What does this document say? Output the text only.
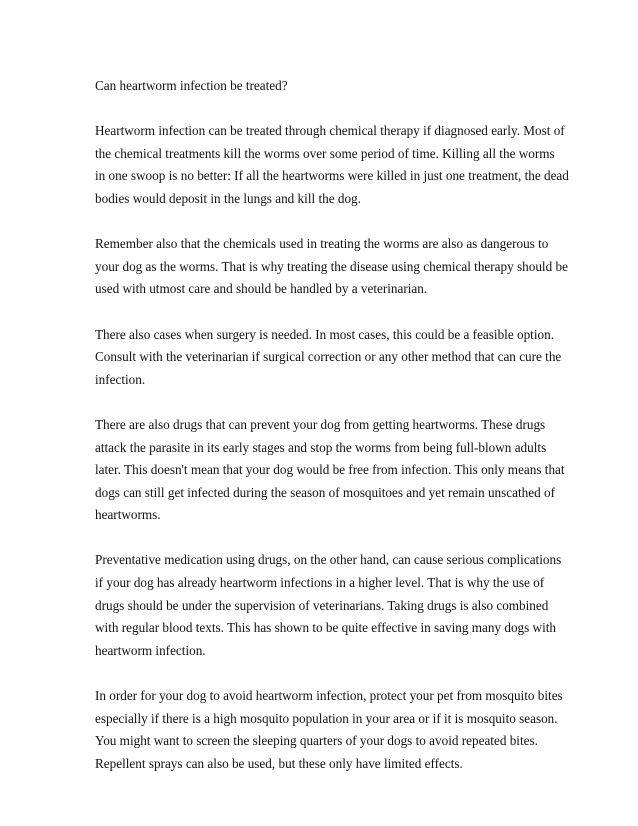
Can heartworm infection be treated?

Heartworm infection can be treated through chemical therapy if diagnosed early. Most of
the chemical treatments kill the worms over some period of time. Killing all the worms
in one swoop is no better: If all the heartworms were killed in just one treatment, the dead
bodies would deposit in the lungs and kill the dog.

Remember also that the chemicals used in treating the worms are also as dangerous to
your dog as the worms. That is why treating the disease using chemical therapy should be
used with utmost care and should be handled by a veterinarian.

There also cases when surgery is needed. In most cases, this could be a feasible option.
Consult with the veterinarian if surgical correction or any other method that can cure the
infection.

There are also drugs that can prevent your dog from getting heartworms. These drugs
attack the parasite in its early stages and stop the worms from being full-blown adults
later. This doesn't mean that your dog would be free from infection. This only means that
dogs can still get infected during the season of mosquitoes and yet remain unscathed of
heartworms.

Preventative medication using drugs, on the other hand, can cause serious complications
if your dog has already heartworm infections in a higher level. That is why the use of
drugs should be under the supervision of veterinarians. Taking drugs is also combined
with regular blood texts. This has shown to be quite effective in saving many dogs with
heartworm infection.

In order for your dog to avoid heartworm infection, protect your pet from mosquito bites
especially if there is a high mosquito population in your area or if it is mosquito season.
You might want to screen the sleeping quarters of your dogs to avoid repeated bites.
Repellent sprays can also be used, but these only have limited effects.
